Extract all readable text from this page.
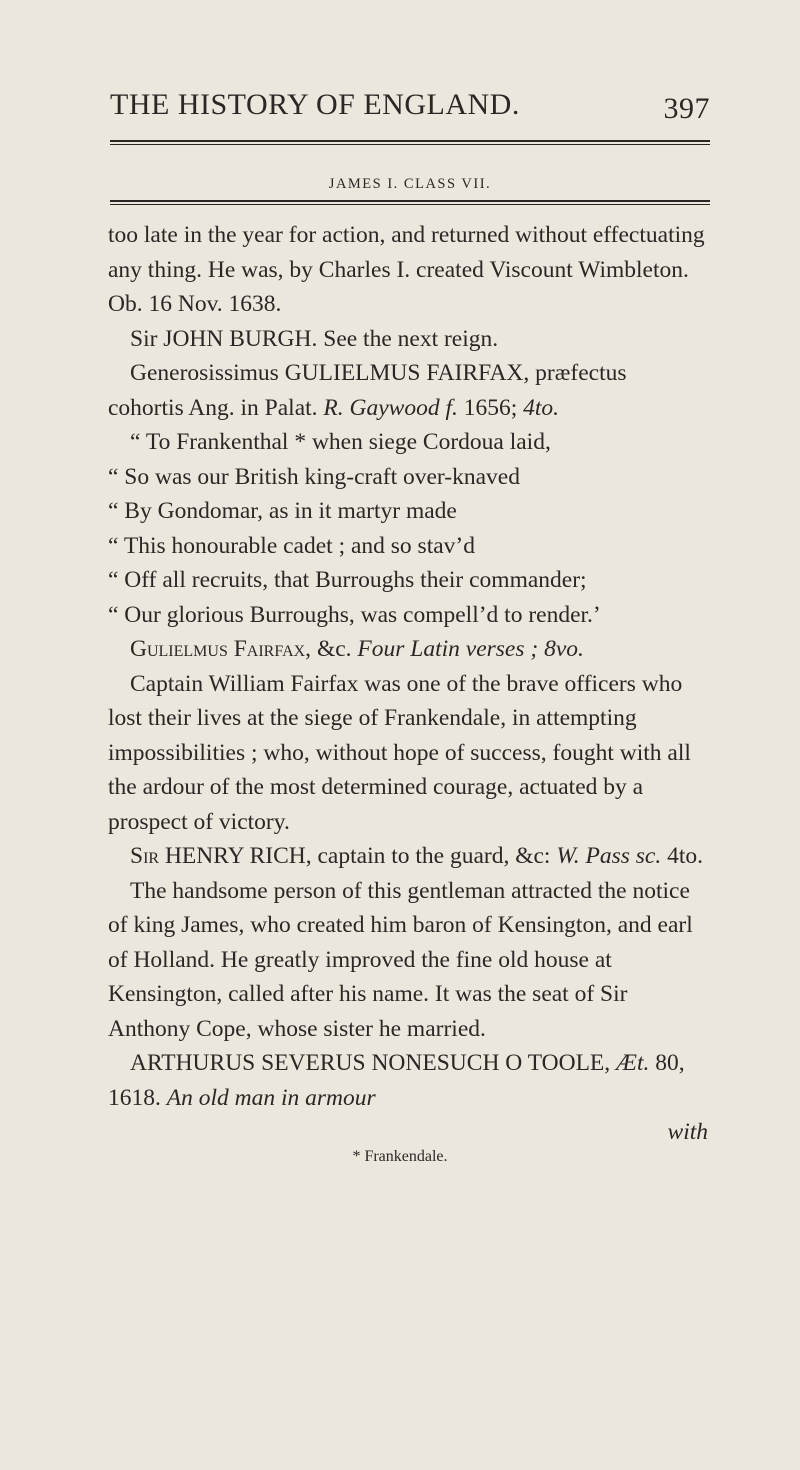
THE HISTORY OF ENGLAND.	397
JAMES I. CLASS VII.

too late in the year for action, and returned without effectuating any thing. He was, by Charles I. created Viscount Wimbleton. Ob. 16 Nov. 1638.

Sir JOHN BURGH. See the next reign.

Generosissimus GULIELMUS FAIRFAX, præfectus cohortis Ang. in Palat. R. Gaywood f. 1656; 4to.

“ To Frankenthal * when siege Cordoua laid,
“ So was our British king-craft over-knaved
“ By Gondomar, as in it martyr made
“ This honourable cadet ; and so stav’d
“ Off all recruits, that Burroughs their commander;
“ Our glorious Burroughs, was compell’d to render.’

Gulielmus Fairfax, &c. Four Latin verses ; 8vo.

Captain William Fairfax was one of the brave officers who lost their lives at the siege of Frankendale, in attempting impossibilities ; who, without hope of success, fought with all the ardour of the most determined courage, actuated by a prospect of victory.

Sir HENRY RICH, captain to the guard, &c: W. Pass sc. 4to.

The handsome person of this gentleman attracted the notice of king James, who created him baron of Kensington, and earl of Holland. He greatly improved the fine old house at Kensington, called after his name. It was the seat of Sir Anthony Cope, whose sister he married.

ARTHURUS SEVERUS NONESUCH O TOOLE, Æt. 80, 1618. An old man in armour

with

* Frankendale.
